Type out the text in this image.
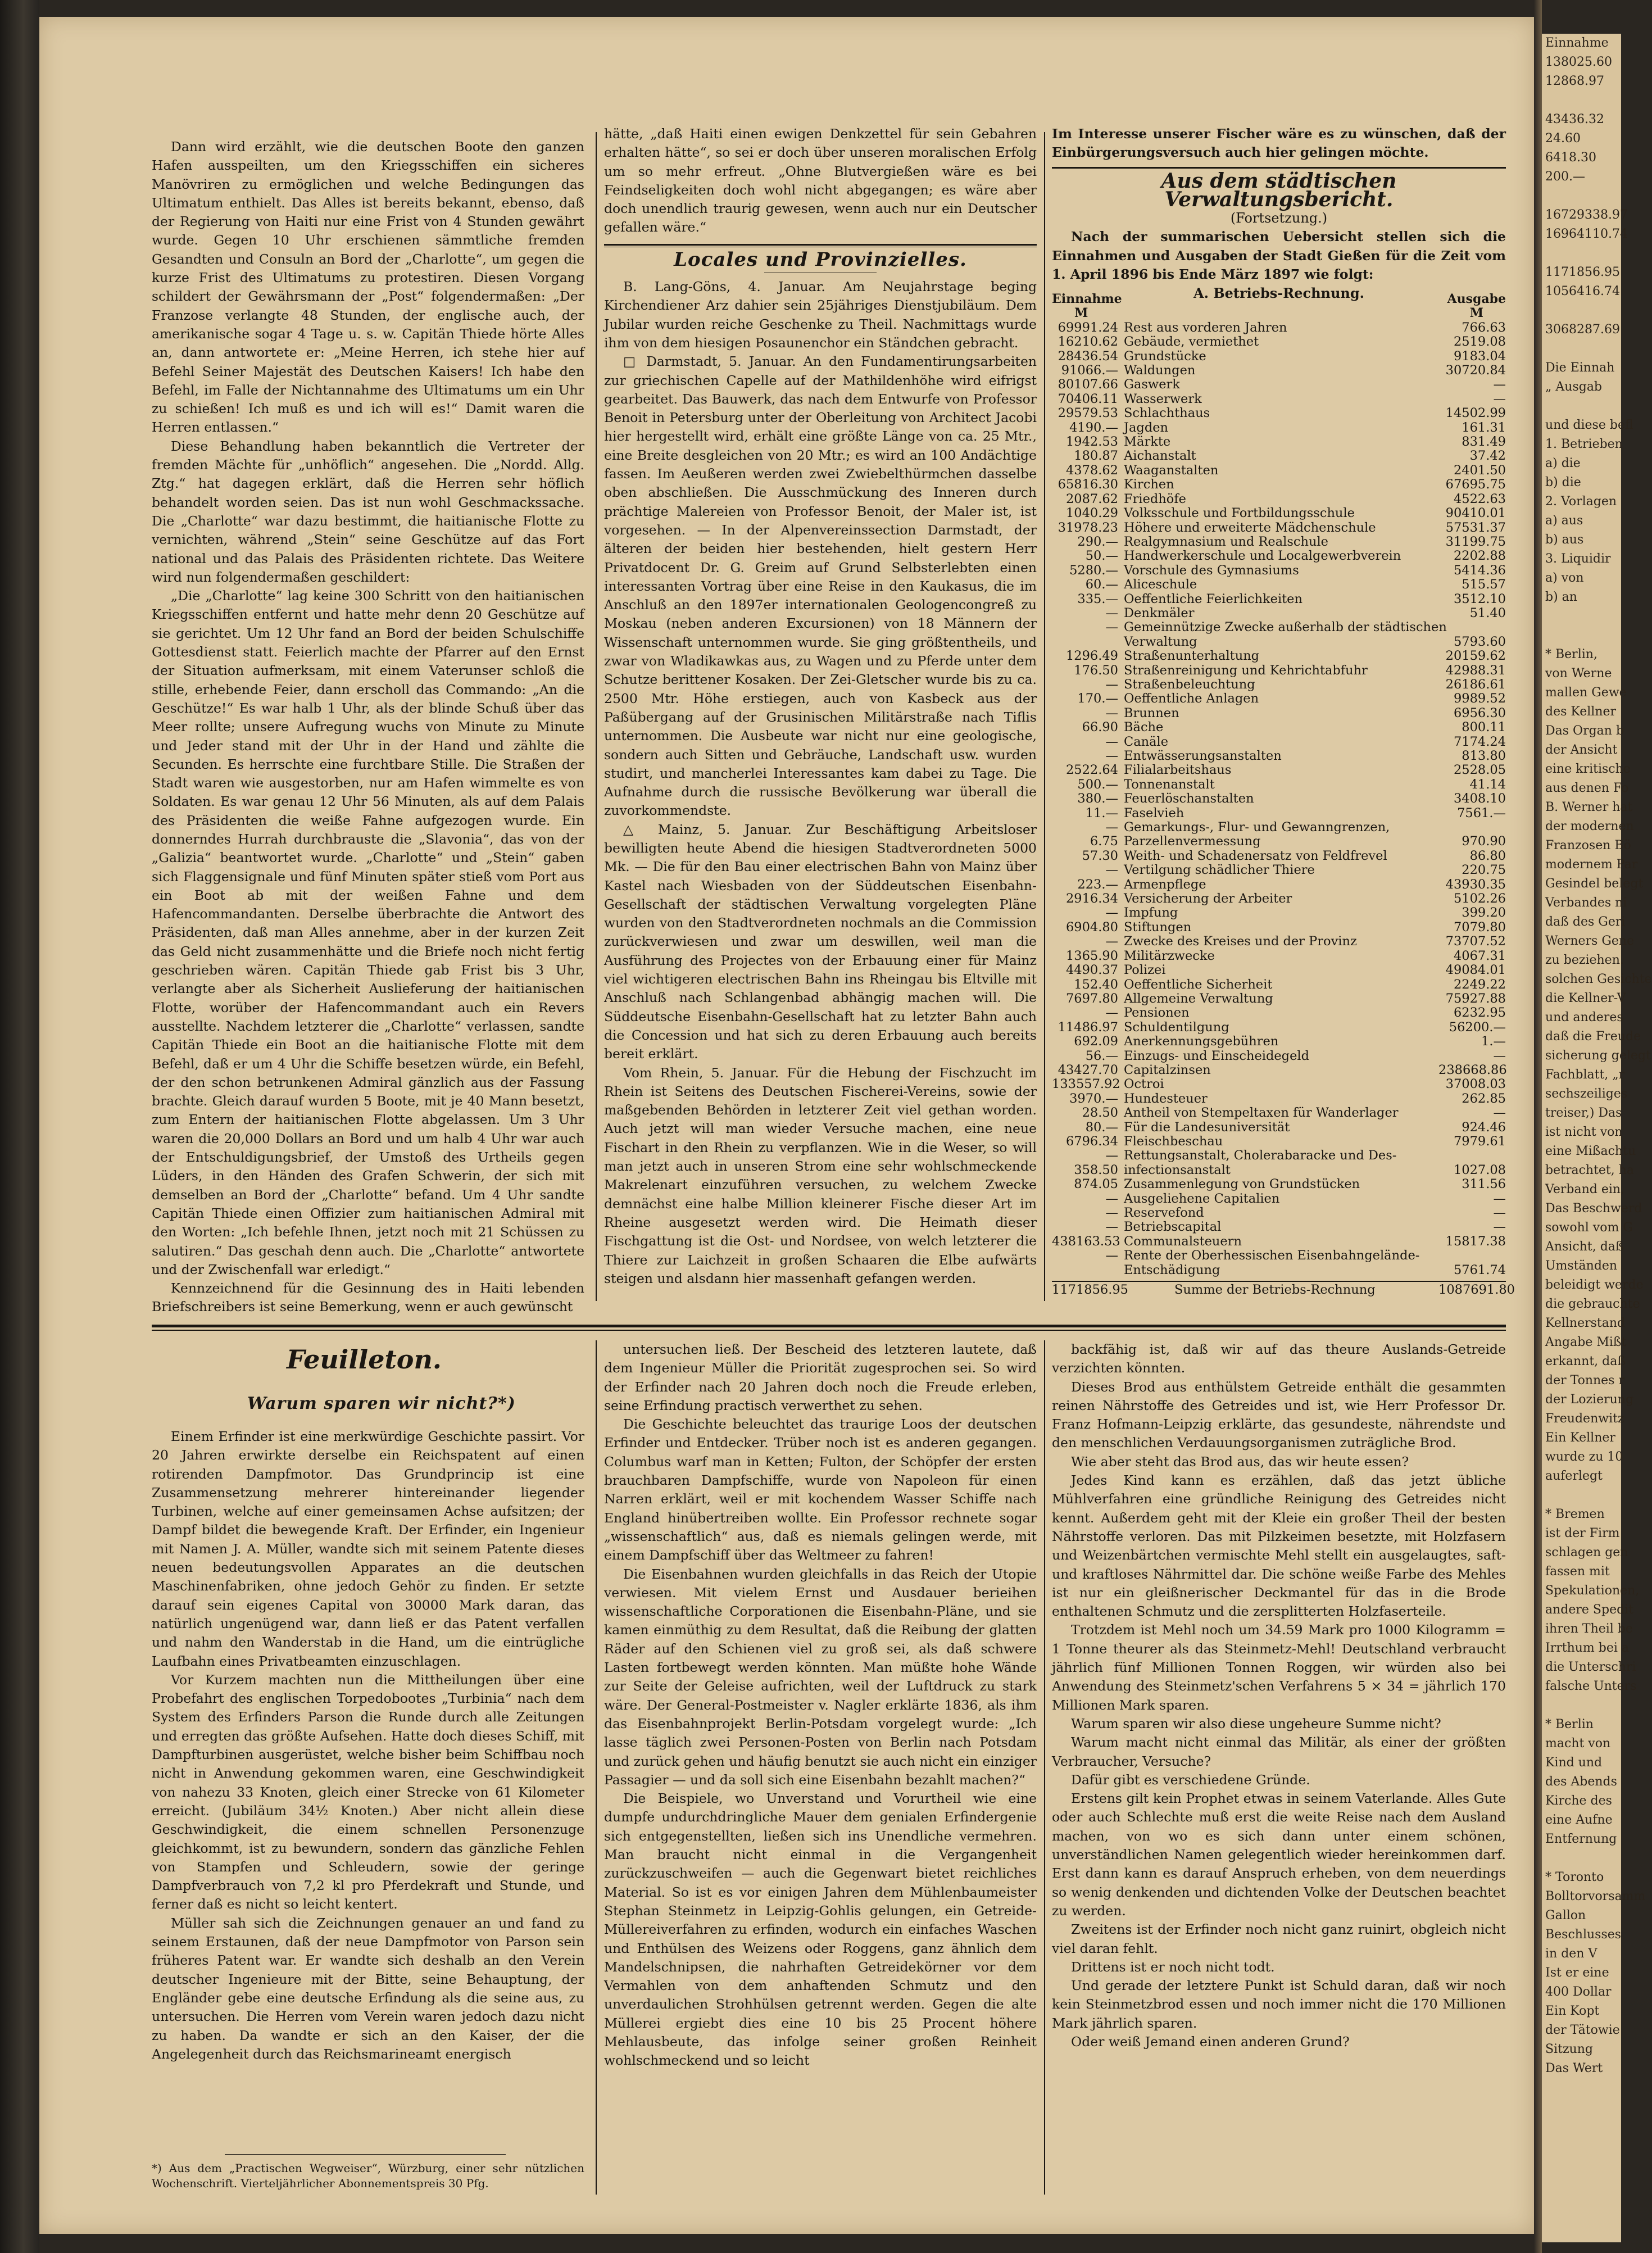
Einnahme
138025.60
12868.97

43436.32
24.60
6418.30
200.—

16729338.97
16964110.74

1171856.95
1056416.74

3068287.69

Die Einnah
„ Ausgab

und diese befl
1. Betrieben
a) die
b) die
2. Vorlagen
a) aus
b) aus
3. Liquidir
a) von
b) an

* Berlin,
von Werne
mallen Gewe
des Kellner
Das Organ b
der Ansicht
eine kritische
aus denen Fo
B. Werner hat
der modernen
Franzosen Bö
modernem Par
Gesindel belegt
Verbandes ni
daß des Geri
Werners Gene
zu beziehen.
solchen Gesichte
die Kellner-V
und anderes
daß die Freude
sicherung gelegt
Fachblatt, „r
sechszeiliges
treiser,) Das
ist nicht von
eine Mißachtu
betrachtet, ha
Verband ein,
Das Beschwerd
sowohl vom G
Ansicht, daß
Umständen
beleidigt werde
die gebrauchte
Kellnerstand
Angabe Mißt
erkannt, daß
der Tonnes r
der Lozierung
Freudenwitz
Ein Kellner
wurde zu 10
auferlegt

* Bremen
ist der Firm
schlagen gen
fassen mit
Spekulationen,
andere Spedit
ihren Theil be
Irrthum bei a
die Unterschri
falsche Unters

* Berlin
macht von
Kind und
des Abends
Kirche des
eine Aufne
Entfernung

* Toronto
Bolltorvorsamm
Gallon
Beschlusses
in den V
Ist er eine
400 Dollar
Ein Kopt
der Tätowie
Sitzung
Das Wert

Dann wird erzählt, wie die deutschen Boote den ganzen Hafen ausspeilten, um den Kriegsschiffen ein sicheres Manövriren zu ermöglichen und welche Bedingungen das Ultimatum enthielt. Das Alles ist bereits bekannt, ebenso, daß der Regierung von Haiti nur eine Frist von 4 Stunden gewährt wurde. Gegen 10 Uhr erschienen sämmtliche fremden Gesandten und Consuln an Bord der „Charlotte“, um gegen die kurze Frist des Ultimatums zu protestiren. Diesen Vorgang schildert der Gewährsmann der „Post“ folgendermaßen: „Der Franzose verlangte 48 Stunden, der englische auch, der amerikanische sogar 4 Tage u. s. w. Capitän Thiede hörte Alles an, dann antwortete er: „Meine Herren, ich stehe hier auf Befehl Seiner Majestät des Deutschen Kaisers! Ich habe den Befehl, im Falle der Nichtannahme des Ultimatums um ein Uhr zu schießen! Ich muß es und ich will es!“ Damit waren die Herren entlassen.“

Diese Behandlung haben bekanntlich die Vertreter der fremden Mächte für „unhöflich“ angesehen. Die „Nordd. Allg. Ztg.“ hat dagegen erklärt, daß die Herren sehr höflich behandelt worden seien. Das ist nun wohl Geschmackssache. Die „Charlotte“ war dazu bestimmt, die haitianische Flotte zu vernichten, während „Stein“ seine Geschütze auf das Fort national und das Palais des Präsidenten richtete. Das Weitere wird nun folgendermaßen geschildert:

„Die „Charlotte“ lag keine 300 Schritt von den haitianischen Kriegsschiffen entfernt und hatte mehr denn 20 Geschütze auf sie gerichtet. Um 12 Uhr fand an Bord der beiden Schulschiffe Gottesdienst statt. Feierlich machte der Pfarrer auf den Ernst der Situation aufmerksam, mit einem Vaterunser schloß die stille, erhebende Feier, dann erscholl das Commando: „An die Geschütze!“ Es war halb 1 Uhr, als der blinde Schuß über das Meer rollte; unsere Aufregung wuchs von Minute zu Minute und Jeder stand mit der Uhr in der Hand und zählte die Secunden. Es herrschte eine furchtbare Stille. Die Straßen der Stadt waren wie ausgestorben, nur am Hafen wimmelte es von Soldaten. Es war genau 12 Uhr 56 Minuten, als auf dem Palais des Präsidenten die weiße Fahne aufgezogen wurde. Ein donnerndes Hurrah durchbrauste die „Slavonia“, das von der „Galizia“ beantwortet wurde. „Charlotte“ und „Stein“ gaben sich Flaggensignale und fünf Minuten später stieß vom Port aus ein Boot ab mit der weißen Fahne und dem Hafencommandanten. Derselbe überbrachte die Antwort des Präsidenten, daß man Alles annehme, aber in der kurzen Zeit das Geld nicht zusammenhätte und die Briefe noch nicht fertig geschrieben wären. Capitän Thiede gab Frist bis 3 Uhr, verlangte aber als Sicherheit Auslieferung der haitianischen Flotte, worüber der Hafencommandant auch ein Revers ausstellte. Nachdem letzterer die „Charlotte“ verlassen, sandte Capitän Thiede ein Boot an die haitianische Flotte mit dem Befehl, daß er um 4 Uhr die Schiffe besetzen würde, ein Befehl, der den schon betrunkenen Admiral gänzlich aus der Fassung brachte. Gleich darauf wurden 5 Boote, mit je 40 Mann besetzt, zum Entern der haitianischen Flotte abgelassen. Um 3 Uhr waren die 20,000 Dollars an Bord und um halb 4 Uhr war auch der Entschuldigungsbrief, der Umstoß des Urtheils gegen Lüders, in den Händen des Grafen Schwerin, der sich mit demselben an Bord der „Charlotte“ befand. Um 4 Uhr sandte Capitän Thiede einen Offizier zum haitianischen Admiral mit den Worten: „Ich befehle Ihnen, jetzt noch mit 21 Schüssen zu salutiren.“ Das geschah denn auch. Die „Charlotte“ antwortete und der Zwischenfall war erledigt.“

Kennzeichnend für die Gesinnung des in Haiti lebenden Briefschreibers ist seine Bemerkung, wenn er auch gewünscht

hätte, „daß Haiti einen ewigen Denkzettel für sein Gebahren erhalten hätte“, so sei er doch über unseren moralischen Erfolg um so mehr erfreut. „Ohne Blutvergießen wäre es bei Feindseligkeiten doch wohl nicht abgegangen; es wäre aber doch unendlich traurig gewesen, wenn auch nur ein Deutscher gefallen wäre.“

Locales und Provinzielles.

B. Lang-Göns, 4. Januar. Am Neujahrstage beging Kirchendiener Arz dahier sein 25jähriges Dienstjubiläum. Dem Jubilar wurden reiche Geschenke zu Theil. Nachmittags wurde ihm von dem hiesigen Posaunenchor ein Ständchen gebracht.

□ Darmstadt, 5. Januar. An den Fundamentirungsarbeiten zur griechischen Capelle auf der Mathildenhöhe wird eifrigst gearbeitet. Das Bauwerk, das nach dem Entwurfe von Professor Benoit in Petersburg unter der Oberleitung von Architect Jacobi hier hergestellt wird, erhält eine größte Länge von ca. 25 Mtr., eine Breite desgleichen von 20 Mtr.; es wird an 100 Andächtige fassen. Im Aeußeren werden zwei Zwiebelthürmchen dasselbe oben abschließen. Die Ausschmückung des Inneren durch prächtige Malereien von Professor Benoit, der Maler ist, ist vorgesehen. — In der Alpenvereinssection Darmstadt, der älteren der beiden hier bestehenden, hielt gestern Herr Privatdocent Dr. G. Greim auf Grund Selbsterlebten einen interessanten Vortrag über eine Reise in den Kaukasus, die im Anschluß an den 1897er internationalen Geologencongreß zu Moskau (neben anderen Excursionen) von 18 Männern der Wissenschaft unternommen wurde. Sie ging größtentheils, und zwar von Wladikawkas aus, zu Wagen und zu Pferde unter dem Schutze berittener Kosaken. Der Zei-Gletscher wurde bis zu ca. 2500 Mtr. Höhe erstiegen, auch von Kasbeck aus der Paßübergang auf der Grusinischen Militärstraße nach Tiflis unternommen. Die Ausbeute war nicht nur eine geologische, sondern auch Sitten und Gebräuche, Landschaft usw. wurden studirt, und mancherlei Interessantes kam dabei zu Tage. Die Aufnahme durch die russische Bevölkerung war überall die zuvorkommendste.

△ Mainz, 5. Januar. Zur Beschäftigung Arbeitsloser bewilligten heute Abend die hiesigen Stadtverordneten 5000 Mk. — Die für den Bau einer electrischen Bahn von Mainz über Kastel nach Wiesbaden von der Süddeutschen Eisenbahn-Gesellschaft der städtischen Verwaltung vorgelegten Pläne wurden von den Stadtverordneten nochmals an die Commission zurückverwiesen und zwar um deswillen, weil man die Ausführung des Projectes von der Erbauung einer für Mainz viel wichtigeren electrischen Bahn ins Rheingau bis Eltville mit Anschluß nach Schlangenbad abhängig machen will. Die Süddeutsche Eisenbahn-Gesellschaft hat zu letzter Bahn auch die Concession und hat sich zu deren Erbauung auch bereits bereit erklärt.

Vom Rhein, 5. Januar. Für die Hebung der Fischzucht im Rhein ist Seitens des Deutschen Fischerei-Vereins, sowie der maßgebenden Behörden in letzterer Zeit viel gethan worden. Auch jetzt will man wieder Versuche machen, eine neue Fischart in den Rhein zu verpflanzen. Wie in die Weser, so will man jetzt auch in unseren Strom eine sehr wohlschmeckende Makrelenart einzuführen versuchen, zu welchem Zwecke demnächst eine halbe Million kleinerer Fische dieser Art im Rheine ausgesetzt werden wird. Die Heimath dieser Fischgattung ist die Ost- und Nordsee, von welch letzterer die Thiere zur Laichzeit in großen Schaaren die Elbe aufwärts steigen und alsdann hier massenhaft gefangen werden.

Im Interesse unserer Fischer wäre es zu wünschen, daß der Einbürgerungsversuch auch hier gelingen möchte.

Aus dem städtischen Verwaltungsbericht.
(Fortsetzung.)

Nach der summarischen Uebersicht stellen sich die Einnahmen und Ausgaben der Stadt Gießen für die Zeit vom 1. April 1896 bis Ende März 1897 wie folgt:

A. Betriebs-Rechnung.
Einnahme	Ausgabe
M	M
69991.24 Rest aus vorderen Jahren	766.63
16210.62 Gebäude, vermiethet	2519.08
28436.54 Grundstücke	9183.04
91066.— Waldungen	30720.84
80107.66 Gaswerk	—
70406.11 Wasserwerk	—
29579.53 Schlachthaus	14502.99
4190.— Jagden	161.31
1942.53 Märkte	831.49
180.87 Aichanstalt	37.42
4378.62 Waaganstalten	2401.50
65816.30 Kirchen	67695.75
2087.62 Friedhöfe	4522.63
1040.29 Volksschule und Fortbildungsschule	90410.01
31978.23 Höhere und erweiterte Mädchenschule	57531.37
290.— Realgymnasium und Realschule	31199.75
50.— Handwerkerschule und Localgewerbverein	2202.88
5280.— Vorschule des Gymnasiums	5414.36
60.— Aliceschule	515.57
335.— Oeffentliche Feierlichkeiten	3512.10
— Denkmäler	51.40
— Gemeinnützige Zwecke außerhalb der städtischen
Verwaltung	5793.60
1296.49 Straßenunterhaltung	20159.62
176.50 Straßenreinigung und Kehrichtabfuhr	42988.31
— Straßenbeleuchtung	26186.61
170.— Oeffentliche Anlagen	9989.52
— Brunnen	6956.30
66.90 Bäche	800.11
— Canäle	7174.24
— Entwässerungsanstalten	813.80
2522.64 Filialarbeitshaus	2528.05
500.— Tonnenanstalt	41.14
380.— Feuerlöschanstalten	3408.10
11.— Faselvieh	7561.—
— Gemarkungs-, Flur- und Gewanngrenzen,
6.75 Parzellenvermessung	970.90
57.30 Weith- und Schadenersatz von Feldfrevel	86.80
— Vertilgung schädlicher Thiere	220.75
223.— Armenpflege	43930.35
2916.34 Versicherung der Arbeiter	5102.26
— Impfung	399.20
6904.80 Stiftungen	7079.80
— Zwecke des Kreises und der Provinz	73707.52
1365.90 Militärzwecke	4067.31
4490.37 Polizei	49084.01
152.40 Oeffentliche Sicherheit	2249.22
7697.80 Allgemeine Verwaltung	75927.88
— Pensionen	6232.95
11486.97 Schuldentilgung	56200.—
692.09 Anerkennungsgebühren	1.—
56.— Einzugs- und Einscheidegeld	—
43427.70 Capitalzinsen	238668.86
133557.92 Octroi	37008.03
3970.— Hundesteuer	262.85
28.50 Antheil von Stempeltaxen für Wanderlager	—
80.— Für die Landesuniversität	924.46
6796.34 Fleischbeschau	7979.61
— Rettungsanstalt, Cholerabaracke und Des-
358.50 infectionsanstalt	1027.08
874.05 Zusammenlegung von Grundstücken	311.56
— Ausgeliehene Capitalien	—
— Reservefond	—
— Betriebscapital	—
438163.53 Communalsteuern	15817.38
— Rente der Oberhessischen Eisenbahngelände-
Entschädigung	5761.74
1171856.95	Summe der Betriebs-Rechnung	1087691.80
Feuilleton.
Warum sparen wir nicht?*)

Einem Erfinder ist eine merkwürdige Geschichte passirt. Vor 20 Jahren erwirkte derselbe ein Reichspatent auf einen rotirenden Dampfmotor. Das Grundprincip ist eine Zusammensetzung mehrerer hintereinander liegender Turbinen, welche auf einer gemeinsamen Achse aufsitzen; der Dampf bildet die bewegende Kraft. Der Erfinder, ein Ingenieur mit Namen J. A. Müller, wandte sich mit seinem Patente dieses neuen bedeutungsvollen Apparates an die deutschen Maschinenfabriken, ohne jedoch Gehör zu finden. Er setzte darauf sein eigenes Capital von 30000 Mark daran, das natürlich ungenügend war, dann ließ er das Patent verfallen und nahm den Wanderstab in die Hand, um die eintrügliche Laufbahn eines Privatbeamten einzuschlagen.

Vor Kurzem machten nun die Mittheilungen über eine Probefahrt des englischen Torpedobootes „Turbinia“ nach dem System des Erfinders Parson die Runde durch alle Zeitungen und erregten das größte Aufsehen. Hatte doch dieses Schiff, mit Dampfturbinen ausgerüstet, welche bisher beim Schiffbau noch nicht in Anwendung gekommen waren, eine Geschwindigkeit von nahezu 33 Knoten, gleich einer Strecke von 61 Kilometer erreicht. (Jubiläum 34½ Knoten.) Aber nicht allein diese Geschwindigkeit, die einem schnellen Personenzuge gleichkommt, ist zu bewundern, sondern das gänzliche Fehlen von Stampfen und Schleudern, sowie der geringe Dampfverbrauch von 7,2 kl pro Pferdekraft und Stunde, und ferner daß es nicht so leicht kentert.

Müller sah sich die Zeichnungen genauer an und fand zu seinem Erstaunen, daß der neue Dampfmotor von Parson sein früheres Patent war. Er wandte sich deshalb an den Verein deutscher Ingenieure mit der Bitte, seine Behauptung, der Engländer gebe eine deutsche Erfindung als die seine aus, zu untersuchen. Die Herren vom Verein waren jedoch dazu nicht zu haben. Da wandte er sich an den Kaiser, der die Angelegenheit durch das Reichsmarineamt energisch

*) Aus dem „Practischen Wegweiser“, Würzburg, einer sehr nützlichen Wochenschrift. Vierteljährlicher Abonnementspreis 30 Pfg.

untersuchen ließ. Der Bescheid des letzteren lautete, daß dem Ingenieur Müller die Priorität zugesprochen sei. So wird der Erfinder nach 20 Jahren doch noch die Freude erleben, seine Erfindung practisch verwerthet zu sehen.

Die Geschichte beleuchtet das traurige Loos der deutschen Erfinder und Entdecker. Trüber noch ist es anderen gegangen. Columbus warf man in Ketten; Fulton, der Schöpfer der ersten brauchbaren Dampfschiffe, wurde von Napoleon für einen Narren erklärt, weil er mit kochendem Wasser Schiffe nach England hinübertreiben wollte. Ein Professor rechnete sogar „wissenschaftlich“ aus, daß es niemals gelingen werde, mit einem Dampfschiff über das Weltmeer zu fahren!

Die Eisenbahnen wurden gleichfalls in das Reich der Utopie verwiesen. Mit vielem Ernst und Ausdauer berieihen wissenschaftliche Corporationen die Eisenbahn-Pläne, und sie kamen einmüthig zu dem Resultat, daß die Reibung der glatten Räder auf den Schienen viel zu groß sei, als daß schwere Lasten fortbewegt werden könnten. Man müßte hohe Wände zur Seite der Geleise aufrichten, weil der Luftdruck zu stark wäre. Der General-Postmeister v. Nagler erklärte 1836, als ihm das Eisenbahnprojekt Berlin-Potsdam vorgelegt wurde: „Ich lasse täglich zwei Personen-Posten von Berlin nach Potsdam und zurück gehen und häufig benutzt sie auch nicht ein einziger Passagier — und da soll sich eine Eisenbahn bezahlt machen?“

Die Beispiele, wo Unverstand und Vorurtheil wie eine dumpfe undurchdringliche Mauer dem genialen Erfindergenie sich entgegenstellten, ließen sich ins Unendliche vermehren. Man braucht nicht einmal in die Vergangenheit zurückzuschweifen — auch die Gegenwart bietet reichliches Material. So ist es vor einigen Jahren dem Mühlenbaumeister Stephan Steinmetz in Leipzig-Gohlis gelungen, ein Getreide-Müllereiverfahren zu erfinden, wodurch ein einfaches Waschen und Enthülsen des Weizens oder Roggens, ganz ähnlich dem Mandelschnipsen, die nahrhaften Getreidekörner vor dem Vermahlen von dem anhaftenden Schmutz und den unverdaulichen Strohhülsen getrennt werden. Gegen die alte Müllerei ergiebt dies eine 10 bis 25 Procent höhere Mehlausbeute, das infolge seiner großen Reinheit wohlschmeckend und so leicht

backfähig ist, daß wir auf das theure Auslands-Getreide verzichten könnten.

Dieses Brod aus enthülstem Getreide enthält die gesammten reinen Nährstoffe des Getreides und ist, wie Herr Professor Dr. Franz Hofmann-Leipzig erklärte, das gesundeste, nährendste und den menschlichen Verdauungsorganismen zuträgliche Brod.

Wie aber steht das Brod aus, das wir heute essen?

Jedes Kind kann es erzählen, daß das jetzt übliche Mühlverfahren eine gründliche Reinigung des Getreides nicht kennt. Außerdem geht mit der Kleie ein großer Theil der besten Nährstoffe verloren. Das mit Pilzkeimen besetzte, mit Holzfasern und Weizenbärtchen vermischte Mehl stellt ein ausgelaugtes, saft- und kraftloses Nährmittel dar. Die schöne weiße Farbe des Mehles ist nur ein gleißnerischer Deckmantel für das in die Brode enthaltenen Schmutz und die zersplitterten Holzfaserteile.

Trotzdem ist Mehl noch um 34.59 Mark pro 1000 Kilogramm = 1 Tonne theurer als das Steinmetz-Mehl! Deutschland verbraucht jährlich fünf Millionen Tonnen Roggen, wir würden also bei Anwendung des Steinmetz'schen Verfahrens 5 × 34 = jährlich 170 Millionen Mark sparen.

Warum sparen wir also diese ungeheure Summe nicht?

Warum macht nicht einmal das Militär, als einer der größten Verbraucher, Versuche?

Dafür gibt es verschiedene Gründe.

Erstens gilt kein Prophet etwas in seinem Vaterlande. Alles Gute oder auch Schlechte muß erst die weite Reise nach dem Ausland machen, von wo es sich dann unter einem schönen, unverständlichen Namen gelegentlich wieder hereinkommen darf. Erst dann kann es darauf Anspruch erheben, von dem neuerdings so wenig denkenden und dichtenden Volke der Deutschen beachtet zu werden.

Zweitens ist der Erfinder noch nicht ganz ruinirt, obgleich nicht viel daran fehlt.

Drittens ist er noch nicht todt.

Und gerade der letztere Punkt ist Schuld daran, daß wir noch kein Steinmetzbrod essen und noch immer nicht die 170 Millionen Mark jährlich sparen.

Oder weiß Jemand einen anderen Grund?
